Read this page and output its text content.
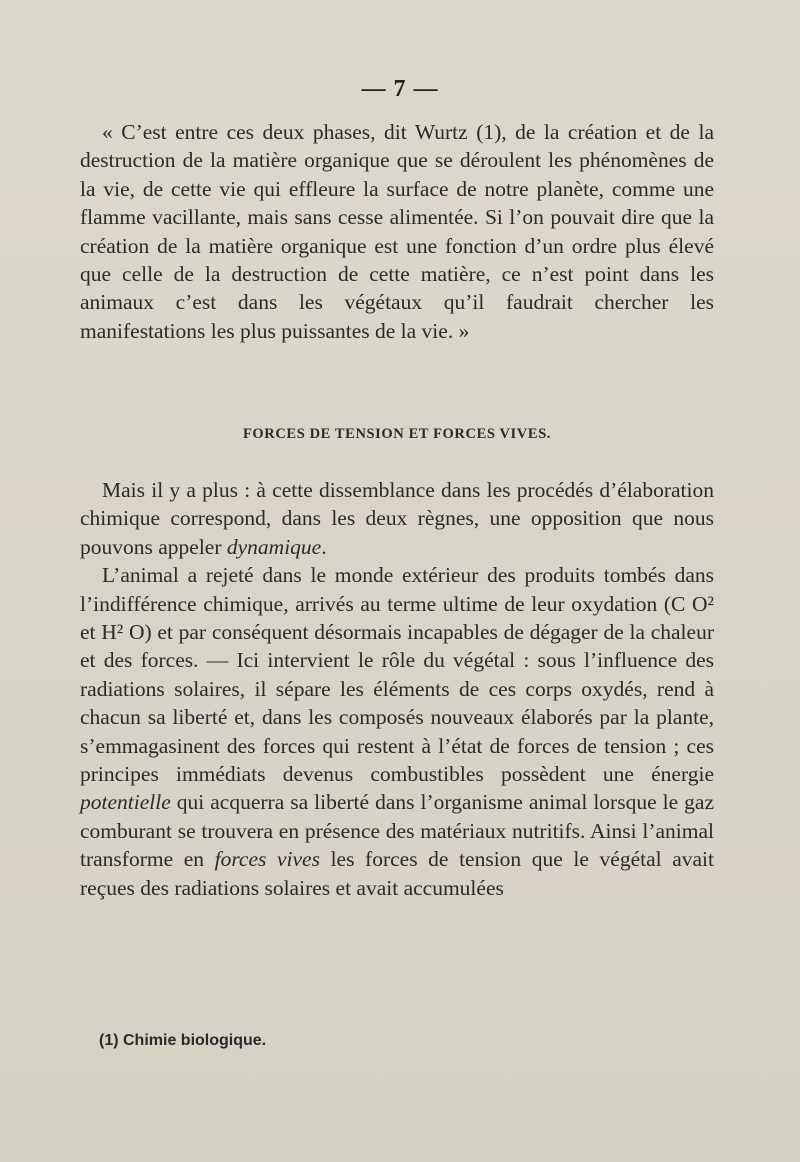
— 7 —

« C’est entre ces deux phases, dit Wurtz (1), de la création et de la destruction de la matière organique que se déroulent les phénomènes de la vie, de cette vie qui effleure la surface de notre planète, comme une flamme vacillante, mais sans cesse alimentée. Si l’on pouvait dire que la création de la matière organique est une fonction d’un ordre plus élevé que celle de la destruction de cette matière, ce n’est point dans les animaux c’est dans les végétaux qu’il faudrait chercher les manifestations les plus puissantes de la vie. »

FORCES DE TENSION ET FORCES VIVES.

Mais il y a plus : à cette dissemblance dans les procédés d’élaboration chimique correspond, dans les deux règnes, une opposition que nous pouvons appeler dynamique.

L’animal a rejeté dans le monde extérieur des produits tombés dans l’indifférence chimique, arrivés au terme ultime de leur oxydation (C O² et H² O) et par conséquent désormais incapables de dégager de la chaleur et des forces. — Ici intervient le rôle du végétal : sous l’influence des radiations solaires, il sépare les éléments de ces corps oxydés, rend à chacun sa liberté et, dans les composés nouveaux élaborés par la plante, s’emmagasinent des forces qui restent à l’état de forces de tension ; ces principes immédiats devenus combustibles possèdent une énergie potentielle qui acquerra sa liberté dans l’organisme animal lorsque le gaz comburant se trouvera en présence des matériaux nutritifs. Ainsi l’animal transforme en forces vives les forces de tension que le végétal avait reçues des radiations solaires et avait accumulées

(1) Chimie biologique.
